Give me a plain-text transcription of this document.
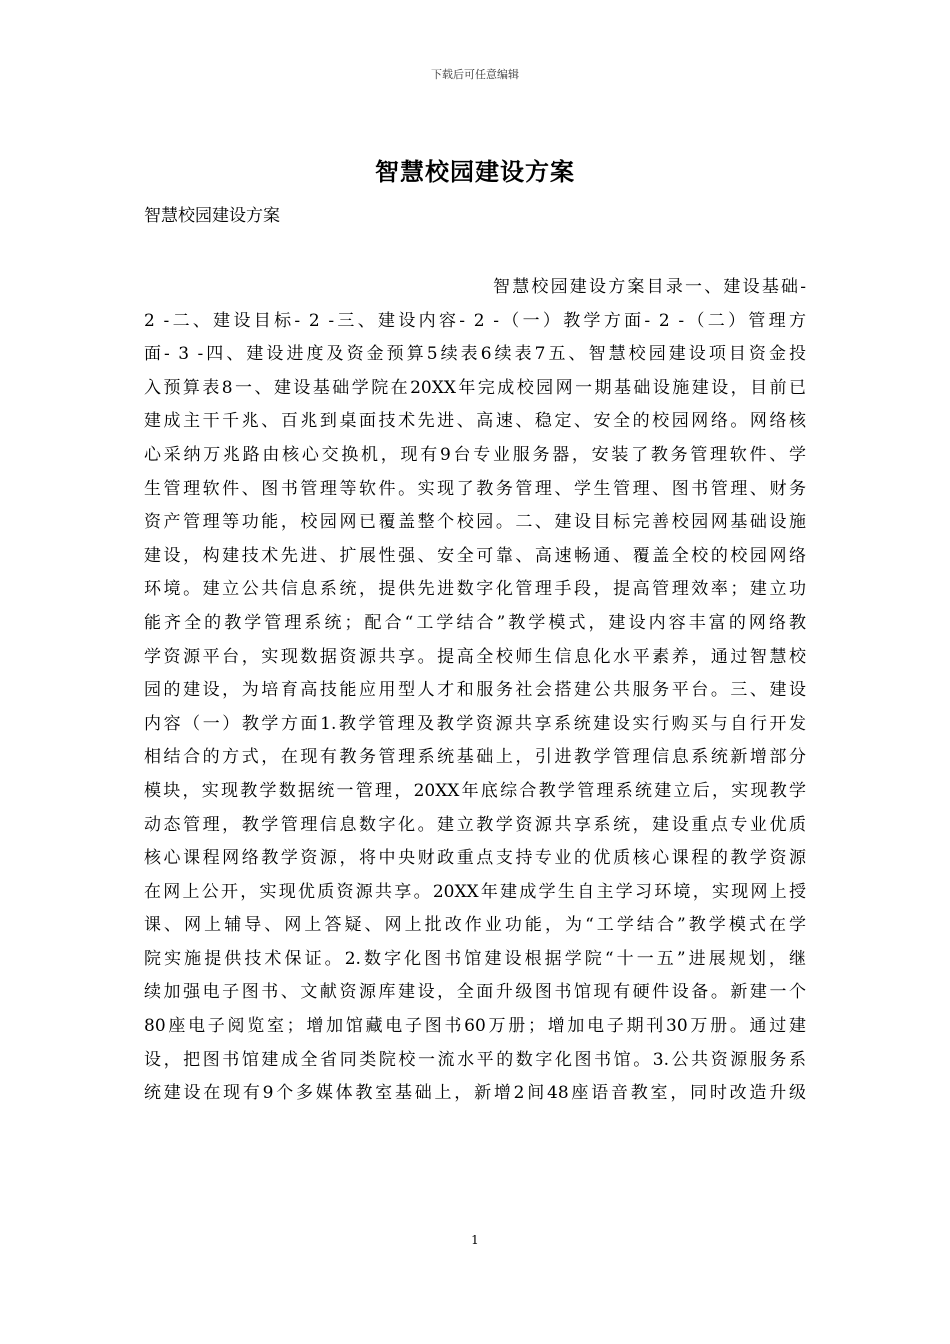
下载后可任意编辑
智慧校园建设方案
智慧校园建设方案
智慧校园建设方案目录一、建设基础-
2 -二、建设目标- 2 -三、建设内容- 2 -（一）教学方面- 2 -（二）管理方
面- 3 -四、建设进度及资金预算5续表6续表7五、智慧校园建设项目资金投
入预算表8一、建设基础学院在20XX年完成校园网一期基础设施建设，目前已
建成主干千兆、百兆到桌面技术先进、高速、稳定、安全的校园网络。网络核
心采纳万兆路由核心交换机，现有9台专业服务器，安装了教务管理软件、学
生管理软件、图书管理等软件。实现了教务管理、学生管理、图书管理、财务
资产管理等功能，校园网已覆盖整个校园。二、建设目标完善校园网基础设施
建设，构建技术先进、扩展性强、安全可靠、高速畅通、覆盖全校的校园网络
环境。建立公共信息系统，提供先进数字化管理手段，提高管理效率；建立功
能齐全的教学管理系统；配合“工学结合”教学模式，建设内容丰富的网络教
学资源平台，实现数据资源共享。提高全校师生信息化水平素养，通过智慧校
园的建设，为培育高技能应用型人才和服务社会搭建公共服务平台。三、建设
内容（一）教学方面1.教学管理及教学资源共享系统建设实行购买与自行开发
相结合的方式，在现有教务管理系统基础上，引进教学管理信息系统新增部分
模块，实现教学数据统一管理，20XX年底综合教学管理系统建立后，实现教学
动态管理，教学管理信息数字化。建立教学资源共享系统，建设重点专业优质
核心课程网络教学资源，将中央财政重点支持专业的优质核心课程的教学资源
在网上公开，实现优质资源共享。20XX年建成学生自主学习环境，实现网上授
课、网上辅导、网上答疑、网上批改作业功能，为“工学结合”教学模式在学
院实施提供技术保证。2.数字化图书馆建设根据学院“十一五”进展规划，继
续加强电子图书、文献资源库建设，全面升级图书馆现有硬件设备。新建一个
80座电子阅览室；增加馆藏电子图书60万册；增加电子期刊30万册。通过建
设，把图书馆建成全省同类院校一流水平的数字化图书馆。3.公共资源服务系
统建设在现有9个多媒体教室基础上，新增2间48座语音教室，同时改造升级
1
